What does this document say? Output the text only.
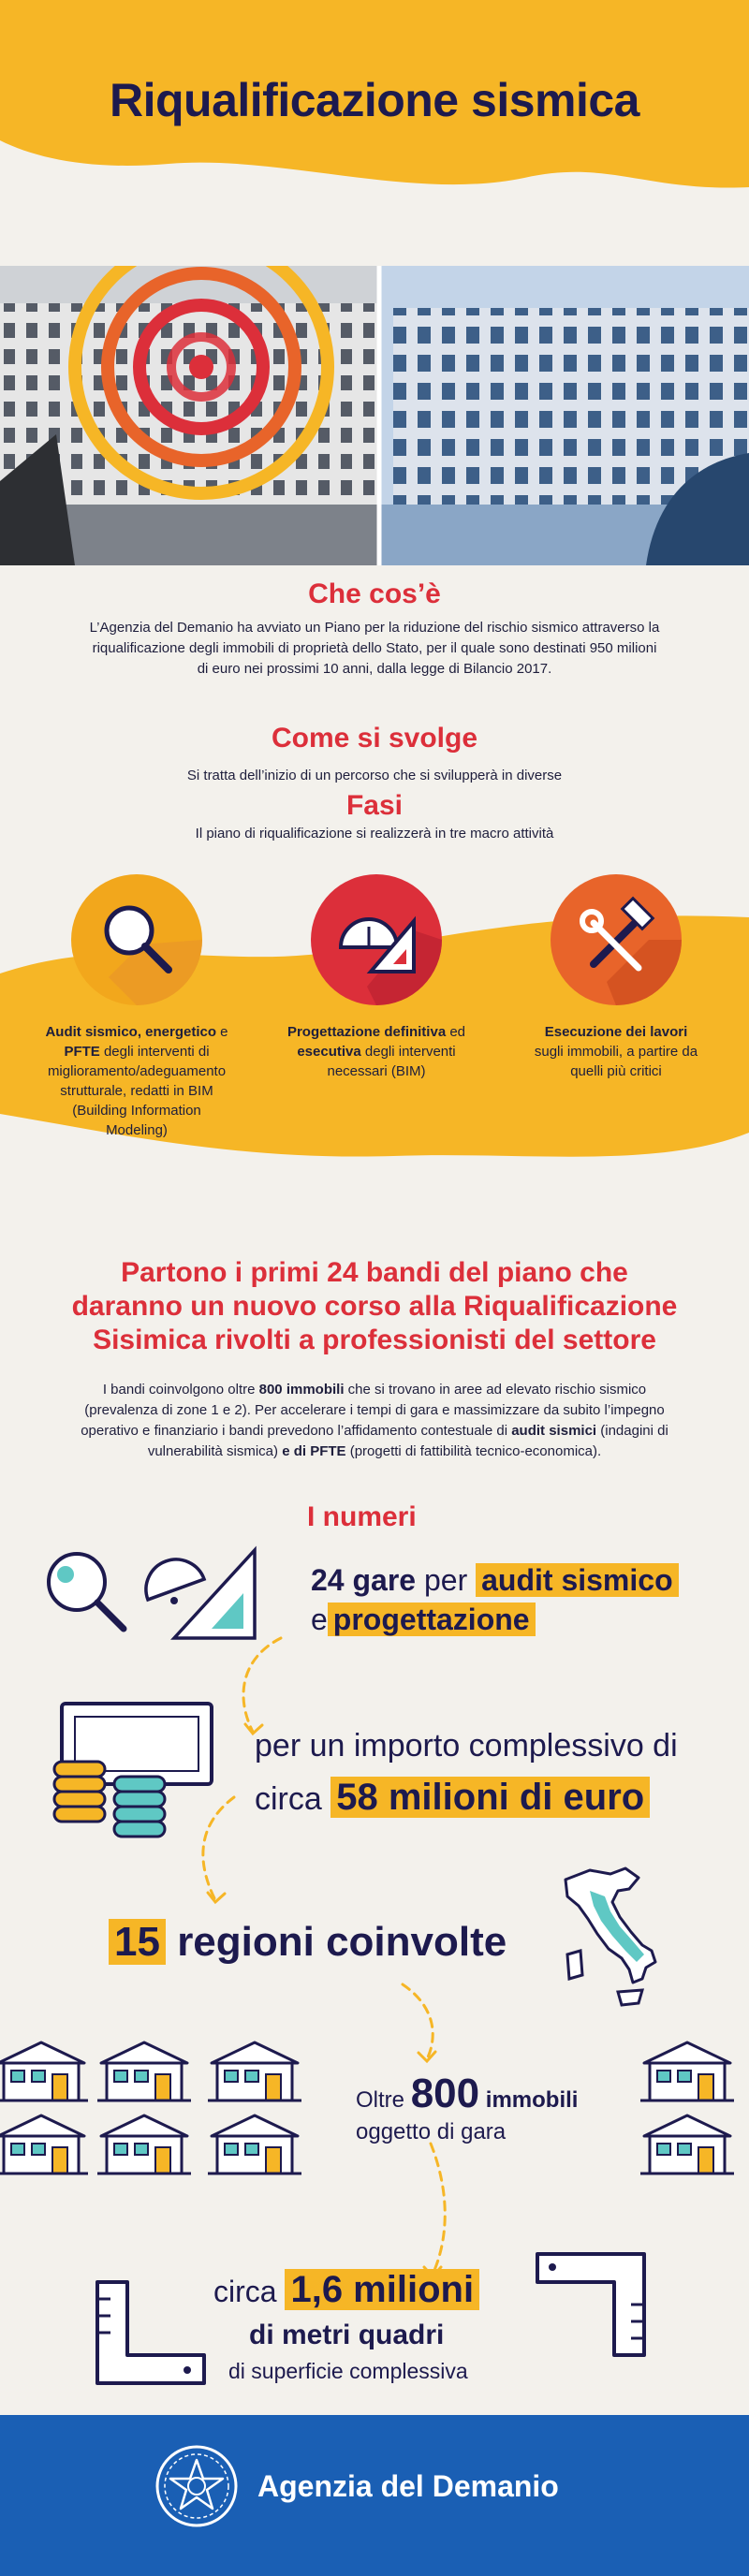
Riqualificazione sismica
Che cos’è
L’Agenzia del Demanio ha avviato un Piano per la riduzione del rischio sismico attraverso la
riqualificazione degli immobili di proprietà dello Stato, per il quale sono destinati 950 milioni
di euro nei prossimi 10 anni, dalla legge di Bilancio 2017.
Come si svolge
Si tratta dell’inizio di un percorso che si svilupperà in diverse
Fasi
Il piano di riqualificazione si realizzerà in tre macro attività
Audit sismico, energetico e
PFTE degli interventi di
miglioramento/adeguamento
strutturale, redatti in BIM
(Building Information
Modeling)
Progettazione definitiva ed
esecutiva degli interventi
necessari (BIM)
Esecuzione dei lavori
sugli immobili, a partire da
quelli più critici
Partono i primi 24 bandi del piano che
daranno un nuovo corso alla Riqualificazione
Sisimica rivolti a professionisti del settore
I bandi coinvolgono oltre 800 immobili che si trovano in aree ad elevato rischio sismico
(prevalenza di zone 1 e 2). Per accelerare i tempi di gara e massimizzare da subito l’impegno
operativo e finanziario i bandi prevedono l’affidamento contestuale di audit sismici (indagini di
vulnerabilità sismica) e di PFTE (progetti di fattibilità tecnico-economica).
I numeri
24 gare per audit sismico
e progettazione
per un importo complessivo di
circa 58 milioni di euro
15 regioni coinvolte
Oltre 800 immobili
oggetto di gara
circa 1,6 milioni
di metri quadri
di superficie complessiva
Agenzia del Demanio
